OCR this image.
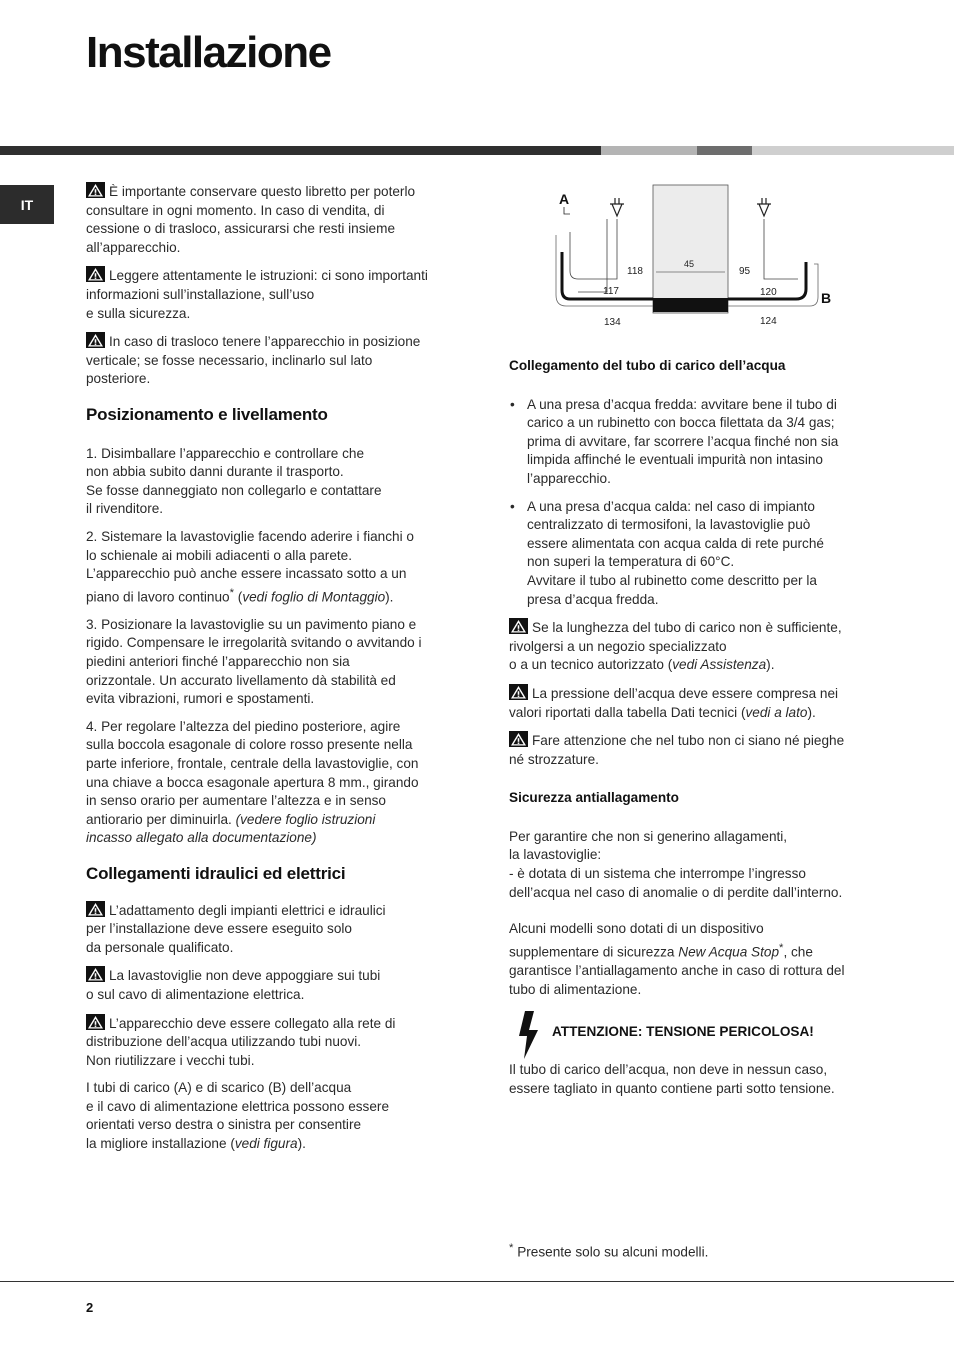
Installazione
IT

È importante conservare questo libretto per poterlo
consultare in ogni momento. In caso di vendita, di
cessione o di trasloco, assicurarsi che resti insieme
all’apparecchio.

Leggere attentamente le istruzioni: ci sono importanti
informazioni sull’installazione, sull’uso
e sulla sicurezza.

In caso di trasloco tenere l’apparecchio in posizione
verticale; se fosse necessario, inclinarlo sul lato
posteriore.

Posizionamento e livellamento

1. Disimballare l’apparecchio e controllare che
non abbia subito danni durante il trasporto.
Se fosse danneggiato non collegarlo e contattare
il rivenditore.

2. Sistemare la lavastoviglie facendo aderire i fianchi o
lo schienale ai mobili adiacenti o alla parete.
L’apparecchio può anche essere incassato sotto a un
piano di lavoro continuo* (vedi foglio di Montaggio).

3. Posizionare la lavastoviglie su un pavimento piano e
rigido. Compensare le irregolarità svitando o avvitando i
piedini anteriori finché l’apparecchio non sia
orizzontale. Un accurato livellamento dà stabilità ed
evita vibrazioni, rumori e spostamenti.

4. Per regolare l’altezza del piedino posteriore, agire
sulla boccola esagonale di colore rosso presente nella
parte inferiore, frontale, centrale della lavastoviglie, con
una chiave a bocca esagonale apertura 8 mm., girando
in senso orario per aumentare l’altezza e in senso
antiorario per diminuirla. (vedere foglio istruzioni
incasso allegato alla documentazione)

Collegamenti idraulici ed elettrici

L’adattamento degli impianti elettrici e idraulici
per l’installazione deve essere eseguito solo
da personale qualificato.

La lavastoviglie non deve appoggiare sui tubi
o sul cavo di alimentazione elettrica.

L’apparecchio deve essere collegato alla rete di
distribuzione dell’acqua utilizzando tubi nuovi.
Non riutilizzare i vecchi tubi.

I tubi di carico (A) e di scarico (B) dell’acqua
e il cavo di alimentazione elettrica possono essere
orientati verso destra o sinistra per consentire
la migliore installazione (vedi figura).

A
B
45
118	95
117	120
134	124
Collegamento del tubo di carico dell’acqua

• A una presa d’acqua fredda: avvitare bene il tubo di
carico a un rubinetto con bocca filettata da 3/4 gas;
prima di avvitare, far scorrere l’acqua finché non sia
limpida affinché le eventuali impurità non intasino
l’apparecchio.

• A una presa d’acqua calda: nel caso di impianto
centralizzato di termosifoni, la lavastoviglie può
essere alimentata con acqua calda di rete purché
non superi la temperatura di 60°C.
Avvitare il tubo al rubinetto come descritto per la
presa d’acqua fredda.

Se la lunghezza del tubo di carico non è sufficiente,
rivolgersi a un negozio specializzato
o a un tecnico autorizzato (vedi Assistenza).

La pressione dell’acqua deve essere compresa nei
valori riportati dalla tabella Dati tecnici (vedi a lato).

Fare attenzione che nel tubo non ci siano né pieghe
né strozzature.

Sicurezza antiallagamento

Per garantire che non si generino allagamenti,
la lavastoviglie:
- è dotata di un sistema che interrompe l’ingresso
dell’acqua nel caso di anomalie o di perdite dall’interno.

Alcuni modelli sono dotati di un dispositivo
supplementare di sicurezza New Acqua Stop*, che
garantisce l’antiallagamento anche in caso di rottura del
tubo di alimentazione.

ATTENZIONE: TENSIONE PERICOLOSA!

Il tubo di carico dell’acqua, non deve in nessun caso,
essere tagliato in quanto contiene parti sotto tensione.

* Presente solo su alcuni modelli.
2
